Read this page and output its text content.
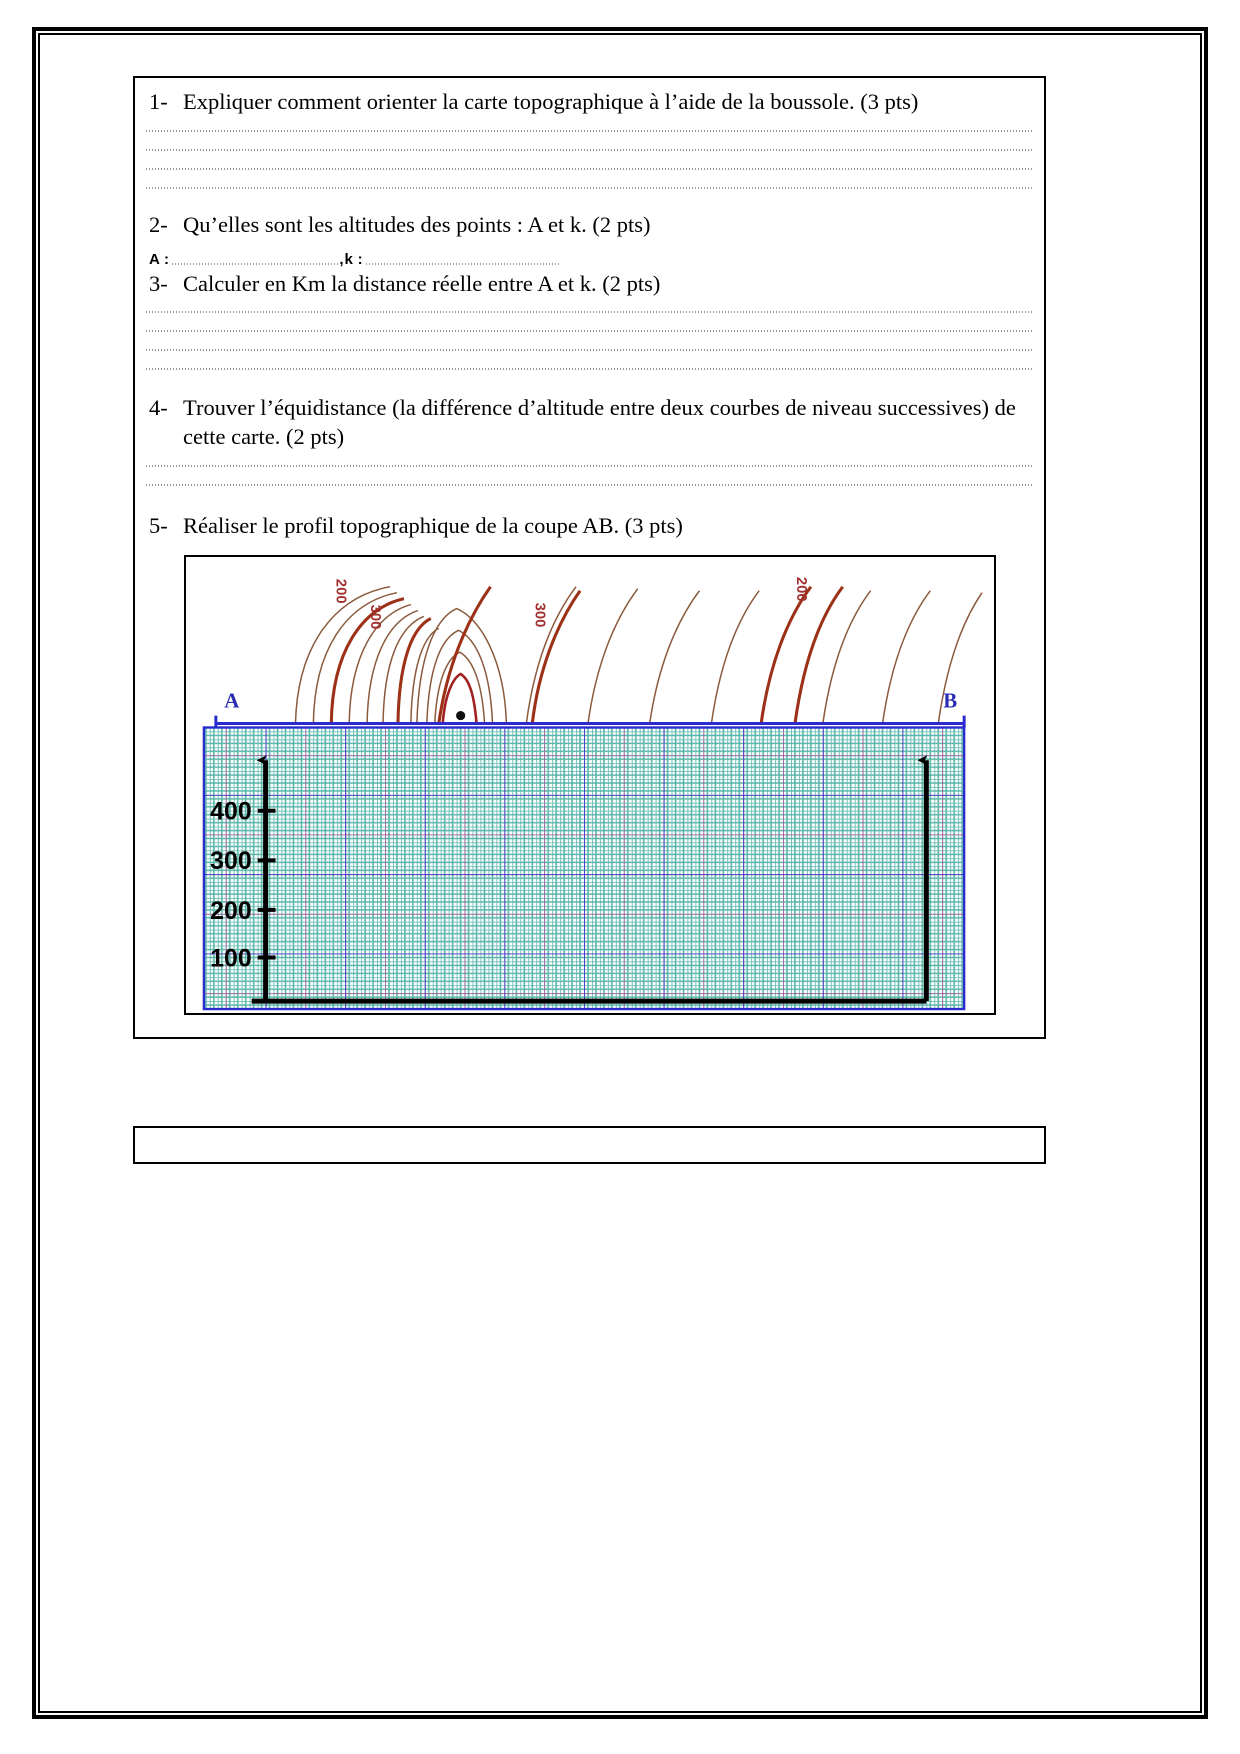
1- Expliquer comment orienter la carte topographique à l’aide de la boussole. (3 pts)
2- Qu’elles sont les altitudes des points : A et k. (2 pts)
A :	, k :
3- Calculer en Km la distance réelle entre A et k. (2 pts)
4- Trouver l’équidistance (la différence d’altitude entre deux courbes de niveau successives) de cette carte. (2 pts)
5- Réaliser le profil topographique de la coupe AB. (3 pts)
200
300	300
200
A	B
400
300
200
100
